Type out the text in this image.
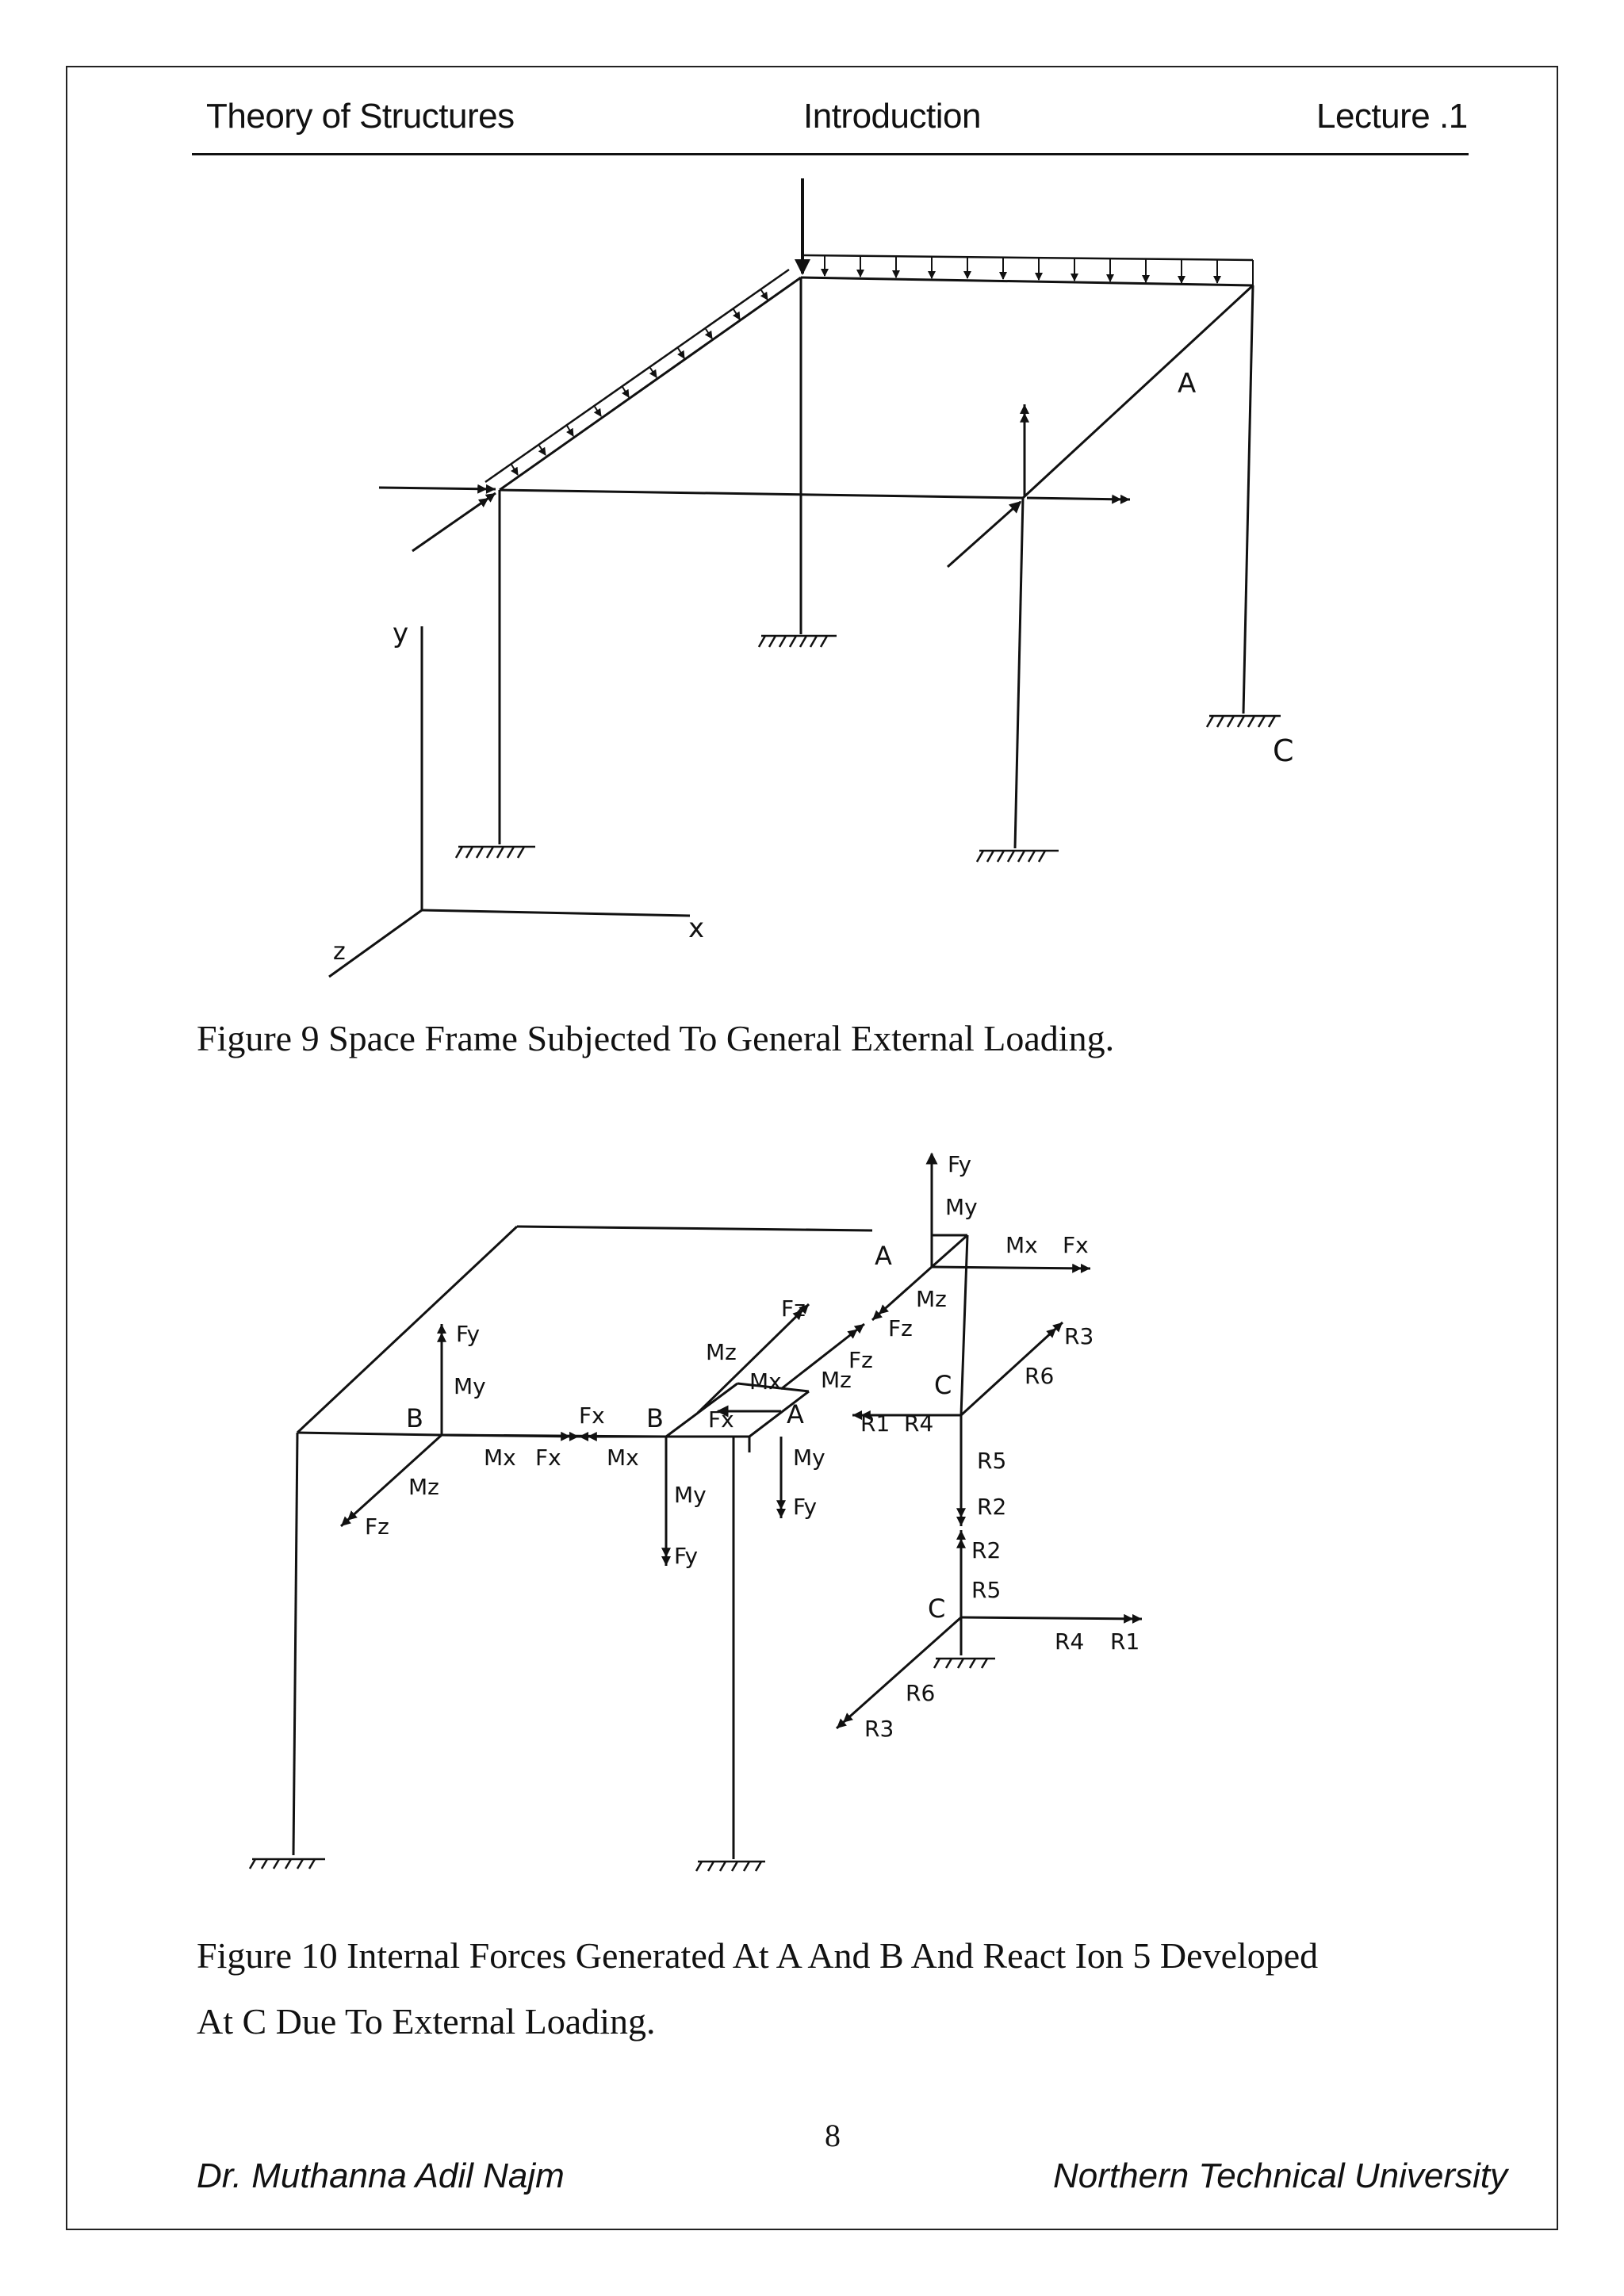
Theory of Structures	Introduction	Lecture .1
A
C
y
x
z
Fy
My
Mx Fx
A
Mz
Fz
Fy
My
B
Mx Fx
Mz
Fz
Fx
Mx
B Fx
My
Fy
Fz
Mz
Mx Mz
Fz
A
My
Fy
C
R1 R4
R5
R2
R6
R3
R2
R5
C
R4 R1
R6
R3
Figure 9 Space Frame Subjected To General External Loading.
Figure 10 Internal Forces Generated At A And B And React Ion 5 Developed
At C Due To External Loading.
8
Dr. Muthanna Adil Najm	Northern Technical University
